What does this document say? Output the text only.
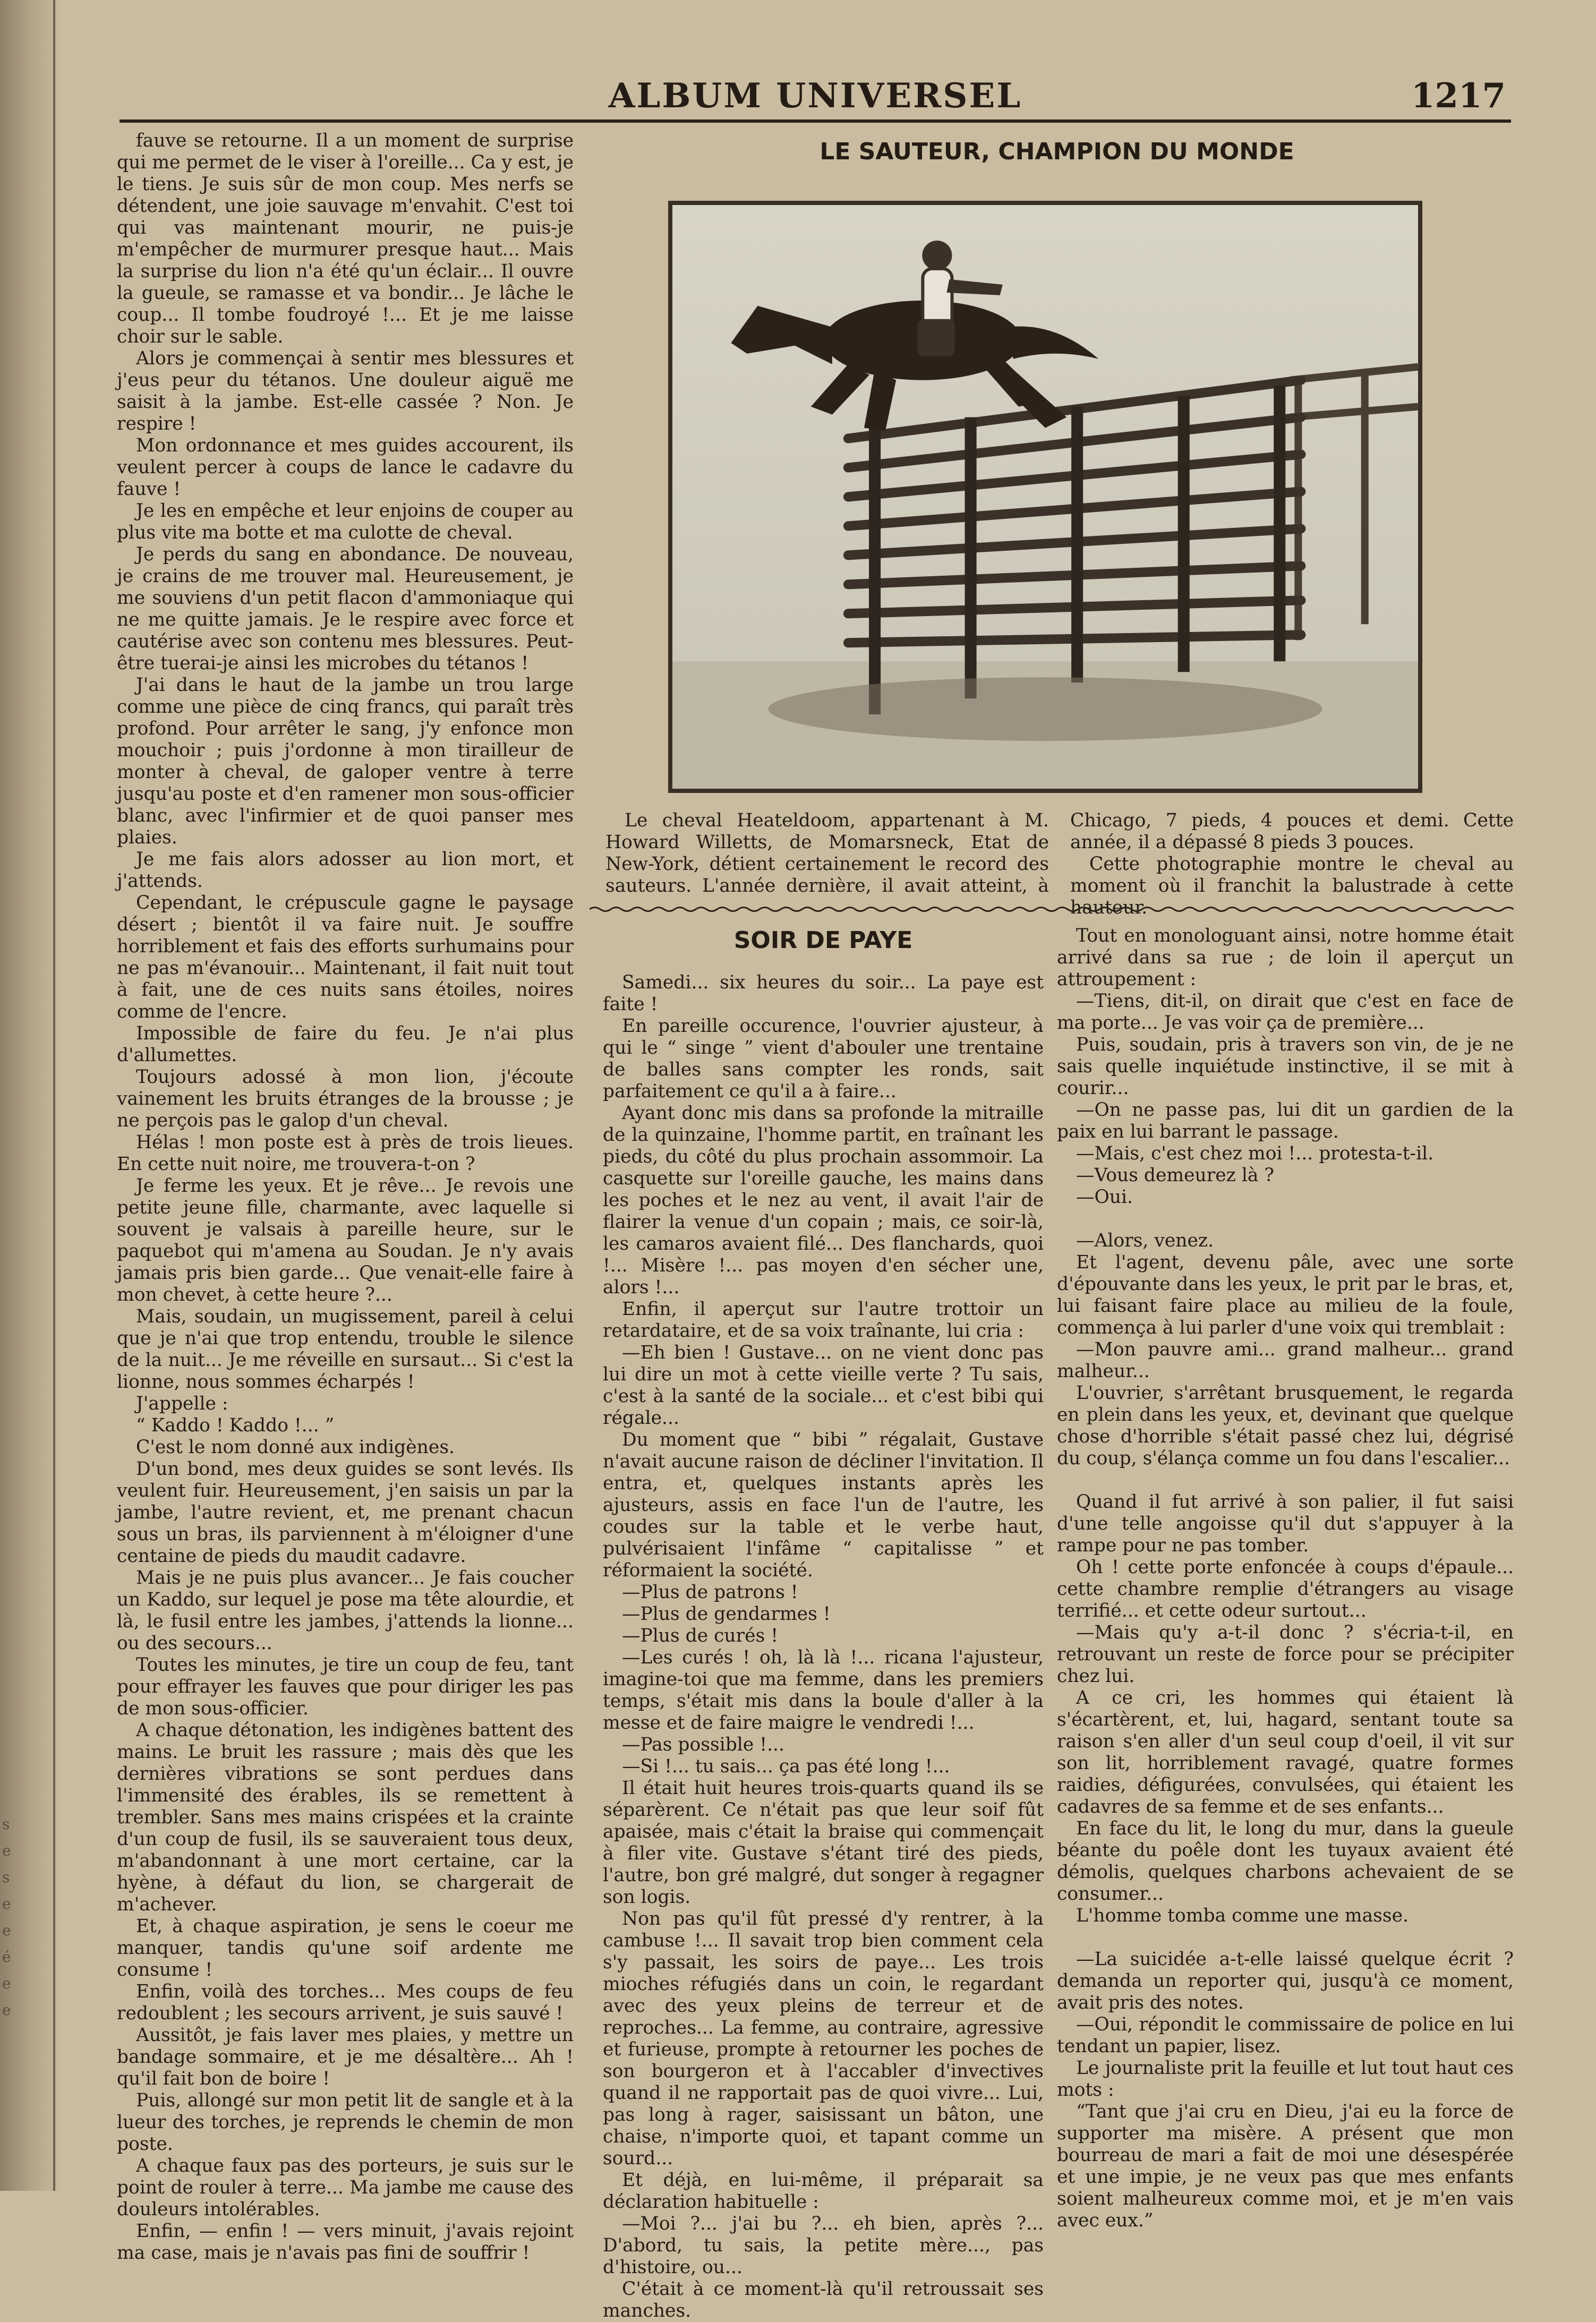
s
e
s
e
e
é
e
e
ALBUM UNIVERSEL	1217

fauve se retourne. Il a un moment de surprise qui me permet de le viser à l'oreille... Ca y est, je le tiens. Je suis sûr de mon coup. Mes nerfs se détendent, une joie sauvage m'envahit. C'est toi qui vas maintenant mourir, ne puis-je m'empêcher de murmurer presque haut... Mais la surprise du lion n'a été qu'un éclair... Il ouvre la gueule, se ramasse et va bondir... Je lâche le coup... Il tombe foudroyé !... Et je me laisse choir sur le sable.

Alors je commençai à sentir mes blessures et j'eus peur du tétanos. Une douleur aiguë me saisit à la jambe. Est-elle cassée ? Non. Je respire !

Mon ordonnance et mes guides accourent, ils veulent percer à coups de lance le cadavre du fauve !

Je les en empêche et leur enjoins de couper au plus vite ma botte et ma culotte de cheval.

Je perds du sang en abondance. De nouveau, je crains de me trouver mal. Heureusement, je me souviens d'un petit flacon d'ammoniaque qui ne me quitte jamais. Je le respire avec force et cautérise avec son contenu mes blessures. Peut-être tuerai-je ainsi les microbes du tétanos !

J'ai dans le haut de la jambe un trou large comme une pièce de cinq francs, qui paraît très profond. Pour arrêter le sang, j'y enfonce mon mouchoir ; puis j'ordonne à mon tirailleur de monter à cheval, de galoper ventre à terre jusqu'au poste et d'en ramener mon sous-officier blanc, avec l'infirmier et de quoi panser mes plaies.

Je me fais alors adosser au lion mort, et j'attends.

Cependant, le crépuscule gagne le paysage désert ; bientôt il va faire nuit. Je souffre horriblement et fais des efforts surhumains pour ne pas m'évanouir... Maintenant, il fait nuit tout à fait, une de ces nuits sans étoiles, noires comme de l'encre.

Impossible de faire du feu. Je n'ai plus d'allumettes.

Toujours adossé à mon lion, j'écoute vainement les bruits étranges de la brousse ; je ne perçois pas le galop d'un cheval.

Hélas ! mon poste est à près de trois lieues. En cette nuit noire, me trouvera-t-on ?

Je ferme les yeux. Et je rêve... Je revois une petite jeune fille, charmante, avec laquelle si souvent je valsais à pareille heure, sur le paquebot qui m'amena au Soudan. Je n'y avais jamais pris bien garde... Que venait-elle faire à mon chevet, à cette heure ?...

Mais, soudain, un mugissement, pareil à celui que je n'ai que trop entendu, trouble le silence de la nuit... Je me réveille en sursaut... Si c'est la lionne, nous sommes écharpés !

J'appelle :

“ Kaddo ! Kaddo !... ”

C'est le nom donné aux indigènes.

D'un bond, mes deux guides se sont levés. Ils veulent fuir. Heureusement, j'en saisis un par la jambe, l'autre revient, et, me prenant chacun sous un bras, ils parviennent à m'éloigner d'une centaine de pieds du maudit cadavre.

Mais je ne puis plus avancer... Je fais coucher un Kaddo, sur lequel je pose ma tête alourdie, et là, le fusil entre les jambes, j'attends la lionne... ou des secours...

Toutes les minutes, je tire un coup de feu, tant pour effrayer les fauves que pour diriger les pas de mon sous-officier.

A chaque détonation, les indigènes battent des mains. Le bruit les rassure ; mais dès que les dernières vibrations se sont perdues dans l'immensité des érables, ils se remettent à trembler. Sans mes mains crispées et la crainte d'un coup de fusil, ils se sauveraient tous deux, m'abandonnant à une mort certaine, car la hyène, à défaut du lion, se chargerait de m'achever.

Et, à chaque aspiration, je sens le coeur me manquer, tandis qu'une soif ardente me consume !

Enfin, voilà des torches... Mes coups de feu redoublent ; les secours arrivent, je suis sauvé !

Aussitôt, je fais laver mes plaies, y mettre un bandage sommaire, et je me désaltère... Ah ! qu'il fait bon de boire !

Puis, allongé sur mon petit lit de sangle et à la lueur des torches, je reprends le chemin de mon poste.

A chaque faux pas des porteurs, je suis sur le point de rouler à terre... Ma jambe me cause des douleurs intolérables.

Enfin, — enfin ! — vers minuit, j'avais rejoint ma case, mais je n'avais pas fini de souffrir !

LE SAUTEUR, CHAMPION DU MONDE

Le cheval Heateldoom, appartenant à M. Howard Willetts, de Momarsneck, Etat de New-York, détient certainement le record des sauteurs. L'année dernière, il avait atteint, à Chicago, 7 pieds, 4 pouces et demi. Cette année, il a dépassé 8 pieds 3 pouces.

Cette photographie montre le cheval au moment où il franchit la balustrade à cette hauteur.

SOIR DE PAYE

Samedi... six heures du soir... La paye est faite !

En pareille occurence, l'ouvrier ajusteur, à qui le “ singe ” vient d'abouler une trentaine de balles sans compter les ronds, sait parfaitement ce qu'il a à faire...

Ayant donc mis dans sa profonde la mitraille de la quinzaine, l'homme partit, en traînant les pieds, du côté du plus prochain assommoir. La casquette sur l'oreille gauche, les mains dans les poches et le nez au vent, il avait l'air de flairer la venue d'un copain ; mais, ce soir-là, les camaros avaient filé... Des flanchards, quoi !... Misère !... pas moyen d'en sécher une, alors !...

Enfin, il aperçut sur l'autre trottoir un retardataire, et de sa voix traînante, lui cria :

—Eh bien ! Gustave... on ne vient donc pas lui dire un mot à cette vieille verte ? Tu sais, c'est à la santé de la sociale... et c'est bibi qui régale...

Du moment que “ bibi ” régalait, Gustave n'avait aucune raison de décliner l'invitation. Il entra, et, quelques instants après les ajusteurs, assis en face l'un de l'autre, les coudes sur la table et le verbe haut, pulvérisaient l'infâme “ capitalisse ” et réformaient la société.

—Plus de patrons !

—Plus de gendarmes !

—Plus de curés !

—Les curés ! oh, là là !... ricana l'ajusteur, imagine-toi que ma femme, dans les premiers temps, s'était mis dans la boule d'aller à la messe et de faire maigre le vendredi !...

—Pas possible !...

—Si !... tu sais... ça pas été long !...

Il était huit heures trois-quarts quand ils se séparèrent. Ce n'était pas que leur soif fût apaisée, mais c'était la braise qui commençait à filer vite. Gustave s'étant tiré des pieds, l'autre, bon gré malgré, dut songer à regagner son logis.

Non pas qu'il fût pressé d'y rentrer, à la cambuse !... Il savait trop bien comment cela s'y passait, les soirs de paye... Les trois mioches réfugiés dans un coin, le regardant avec des yeux pleins de terreur et de reproches... La femme, au contraire, agressive et furieuse, prompte à retourner les poches de son bourgeron et à l'accabler d'invectives quand il ne rapportait pas de quoi vivre... Lui, pas long à rager, saisissant un bâton, une chaise, n'importe quoi, et tapant comme un sourd...

Et déjà, en lui-même, il préparait sa déclaration habituelle :

—Moi ?... j'ai bu ?... eh bien, après ?... D'abord, tu sais, la petite mère..., pas d'histoire, ou...

C'était à ce moment-là qu'il retroussait ses manches.

Tout en monologuant ainsi, notre homme était arrivé dans sa rue ; de loin il aperçut un attroupement :

—Tiens, dit-il, on dirait que c'est en face de ma porte... Je vas voir ça de première...

Puis, soudain, pris à travers son vin, de je ne sais quelle inquiétude instinctive, il se mit à courir...

—On ne passe pas, lui dit un gardien de la paix en lui barrant le passage.

—Mais, c'est chez moi !... protesta-t-il.

—Vous demeurez là ?

—Oui.

—Alors, venez.

Et l'agent, devenu pâle, avec une sorte d'épouvante dans les yeux, le prit par le bras, et, lui faisant faire place au milieu de la foule, commença à lui parler d'une voix qui tremblait :

—Mon pauvre ami... grand malheur... grand malheur...

L'ouvrier, s'arrêtant brusquement, le regarda en plein dans les yeux, et, devinant que quelque chose d'horrible s'était passé chez lui, dégrisé du coup, s'élança comme un fou dans l'escalier...

Quand il fut arrivé à son palier, il fut saisi d'une telle angoisse qu'il dut s'appuyer à la rampe pour ne pas tomber.

Oh ! cette porte enfoncée à coups d'épaule... cette chambre remplie d'étrangers au visage terrifié... et cette odeur surtout...

—Mais qu'y a-t-il donc ? s'écria-t-il, en retrouvant un reste de force pour se précipiter chez lui.

A ce cri, les hommes qui étaient là s'écartèrent, et, lui, hagard, sentant toute sa raison s'en aller d'un seul coup d'oeil, il vit sur son lit, horriblement ravagé, quatre formes raidies, défigurées, convulsées, qui étaient les cadavres de sa femme et de ses enfants...

En face du lit, le long du mur, dans la gueule béante du poêle dont les tuyaux avaient été démolis, quelques charbons achevaient de se consumer...

L'homme tomba comme une masse.

—La suicidée a-t-elle laissé quelque écrit ? demanda un reporter qui, jusqu'à ce moment, avait pris des notes.

—Oui, répondit le commissaire de police en lui tendant un papier, lisez.

Le journaliste prit la feuille et lut tout haut ces mots :

“Tant que j'ai cru en Dieu, j'ai eu la force de supporter ma misère. A présent que mon bourreau de mari a fait de moi une désespérée et une impie, je ne veux pas que mes enfants soient malheureux comme moi, et je m'en vais avec eux.”
